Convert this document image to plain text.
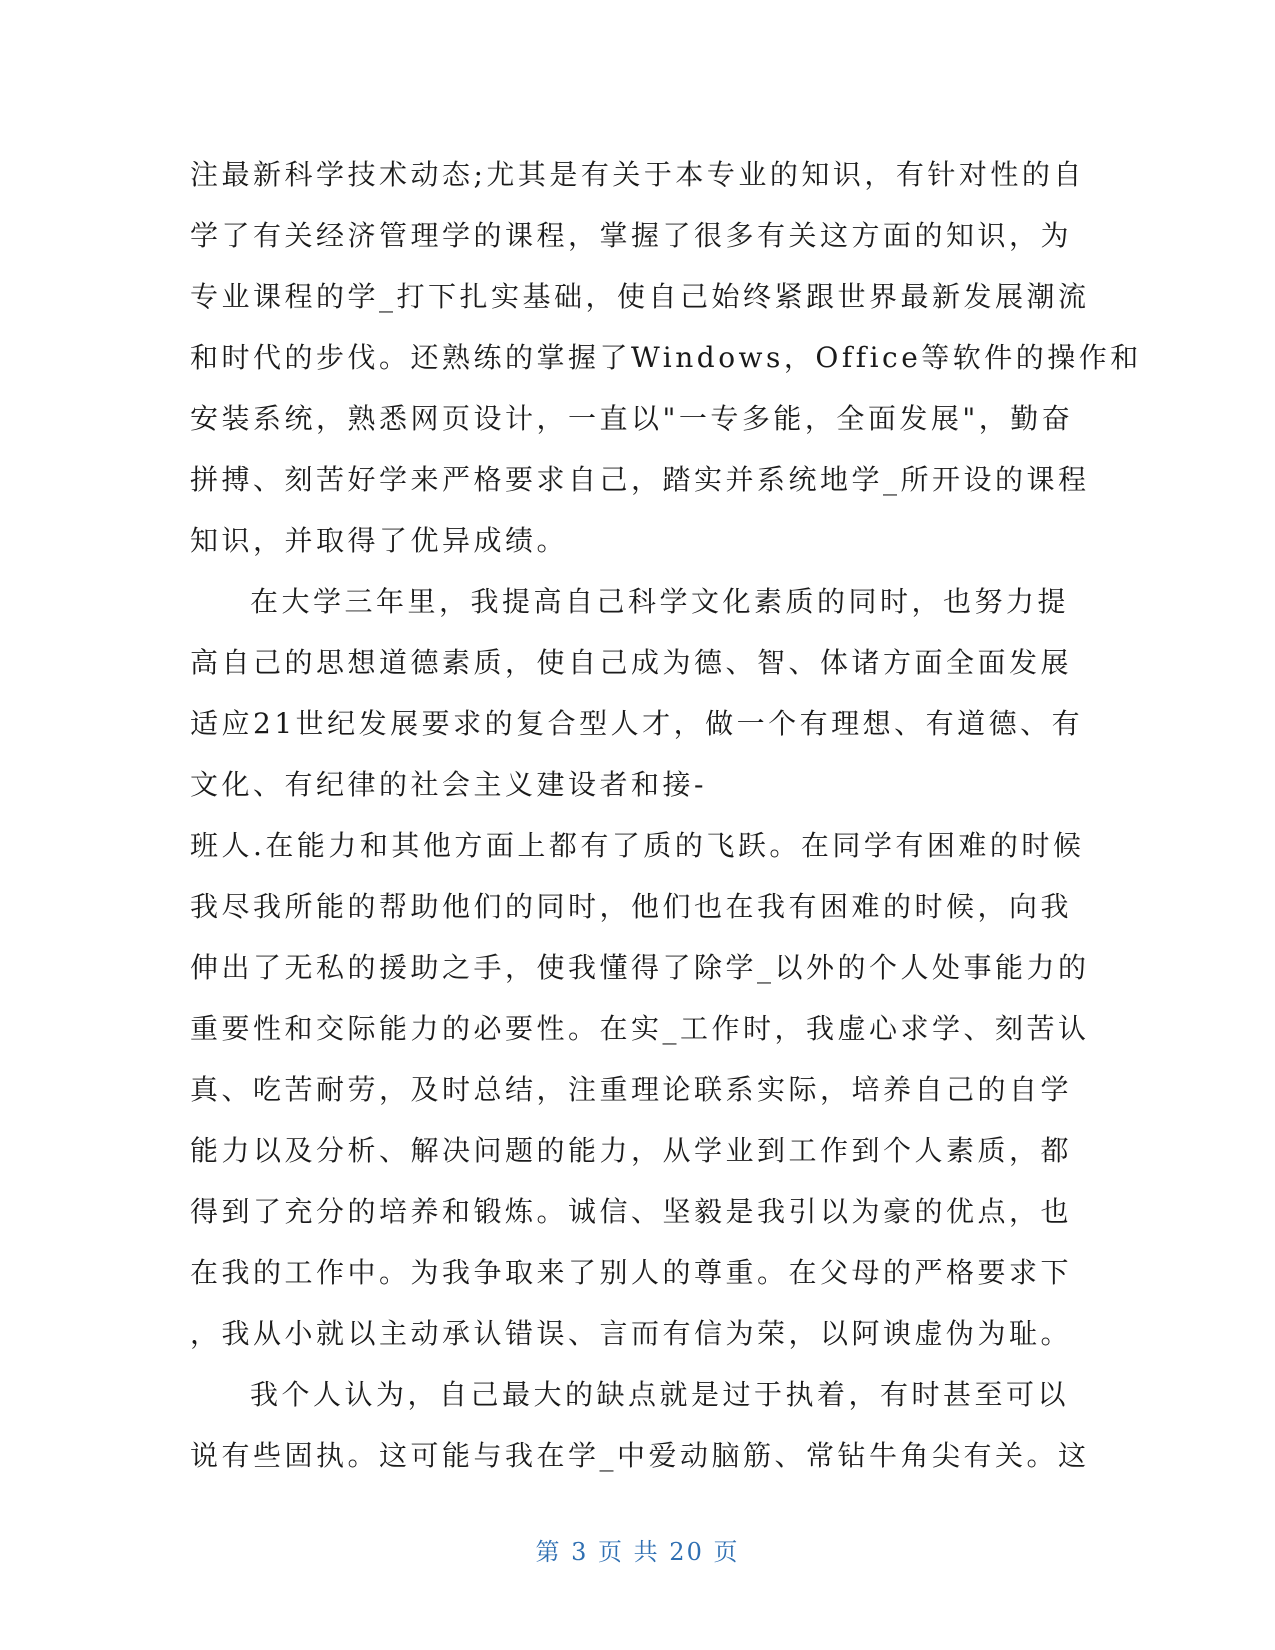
注最新科学技术动态;尤其是有关于本专业的知识，有针对性的自
学了有关经济管理学的课程，掌握了很多有关这方面的知识，为
专业课程的学_打下扎实基础，使自己始终紧跟世界最新发展潮流
和时代的步伐。还熟练的掌握了Windows，Office等软件的操作和
安装系统，熟悉网页设计，一直以"一专多能，全面发展"，勤奋
拼搏、刻苦好学来严格要求自己，踏实并系统地学_所开设的课程
知识，并取得了优异成绩。
在大学三年里，我提高自己科学文化素质的同时，也努力提
高自己的思想道德素质，使自己成为德、智、体诸方面全面发展
适应21世纪发展要求的复合型人才，做一个有理想、有道德、有
文化、有纪律的社会主义建设者和接-
班人.在能力和其他方面上都有了质的飞跃。在同学有困难的时候
我尽我所能的帮助他们的同时，他们也在我有困难的时候，向我
伸出了无私的援助之手，使我懂得了除学_以外的个人处事能力的
重要性和交际能力的必要性。在实_工作时，我虚心求学、刻苦认
真、吃苦耐劳，及时总结，注重理论联系实际，培养自己的自学
能力以及分析、解决问题的能力，从学业到工作到个人素质，都
得到了充分的培养和锻炼。诚信、坚毅是我引以为豪的优点，也
在我的工作中。为我争取来了别人的尊重。在父母的严格要求下
，我从小就以主动承认错误、言而有信为荣，以阿谀虚伪为耻。
我个人认为，自己最大的缺点就是过于执着，有时甚至可以
说有些固执。这可能与我在学_中爱动脑筋、常钻牛角尖有关。这
第 3 页 共 20 页
